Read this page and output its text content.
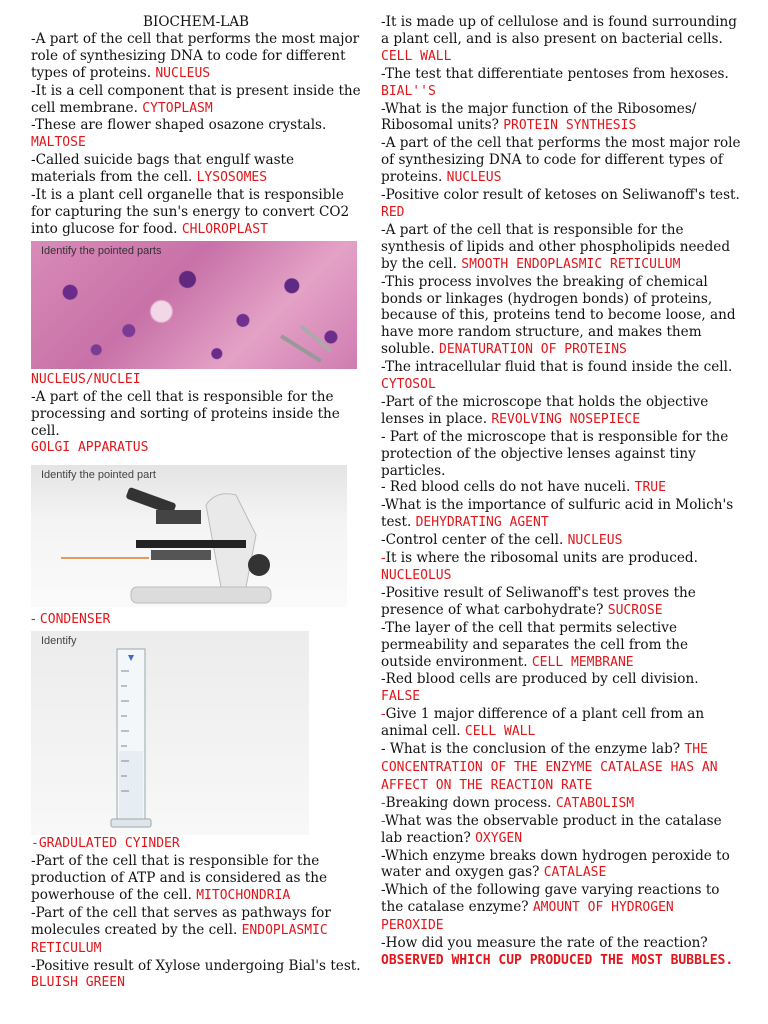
BIOCHEM-LAB

-A part of the cell that performs the most major role of synthesizing DNA to code for different types of proteins. NUCLEUS

-It is a cell component that is present inside the cell membrane. CYTOPLASM

-These are flower shaped osazone crystals.
MALTOSE

-Called suicide bags that engulf waste materials from the cell. LYSOSOMES

-It is a plant cell organelle that is responsible for capturing the sun's energy to convert CO2 into glucose for food. CHLOROPLAST

Identify the pointed parts

NUCLEUS/NUCLEI

-A part of the cell that is responsible for the processing and sorting of proteins inside the cell.
GOLGI APPARATUS

Identify the pointed part

- CONDENSER

Identify

-GRADULATED CYINDER

-Part of the cell that is responsible for the production of ATP and is considered as the powerhouse of the cell. MITOCHONDRIA

-Part of the cell that serves as pathways for molecules created by the cell. ENDOPLASMIC RETICULUM

-Positive result of Xylose undergoing Bial's test.
BLUISH GREEN

-It is made up of cellulose and is found surrounding a plant cell, and is also present on bacterial cells.
CELL WALL

-The test that differentiate pentoses from hexoses.
BIAL''S

-What is the major function of the Ribosomes/ Ribosomal units? PROTEIN SYNTHESIS

-A part of the cell that performs the most major role of synthesizing DNA to code for different types of proteins. NUCLEUS

-Positive color result of ketoses on Seliwanoff's test.
RED

-A part of the cell that is responsible for the synthesis of lipids and other phospholipids needed by the cell. SMOOTH ENDOPLASMIC RETICULUM

-This process involves the breaking of chemical bonds or linkages (hydrogen bonds) of proteins, because of this, proteins tend to become loose, and have more random structure, and makes them soluble. DENATURATION OF PROTEINS

-The intracellular fluid that is found inside the cell.
CYTOSOL

-Part of the microscope that holds the objective lenses in place. REVOLVING NOSEPIECE

- Part of the microscope that is responsible for the protection of the objective lenses against tiny particles.

- Red blood cells do not have nuceli. TRUE

-What is the importance of sulfuric acid in Molich's test. DEHYDRATING AGENT

-Control center of the cell. NUCLEUS

-It is where the ribosomal units are produced.
NUCLEOLUS

-Positive result of Seliwanoff's test proves the presence of what carbohydrate? SUCROSE

-The layer of the cell that permits selective permeability and separates the cell from the outside environment. CELL MEMBRANE

-Red blood cells are produced by cell division.
FALSE

-Give 1 major difference of a plant cell from an animal cell. CELL WALL

- What is the conclusion of the enzyme lab? THE CONCENTRATION OF THE ENZYME CATALASE HAS AN AFFECT ON THE REACTION RATE

-Breaking down process. CATABOLISM

-What was the observable product in the catalase lab reaction? OXYGEN

-Which enzyme breaks down hydrogen peroxide to water and oxygen gas? CATALASE

-Which of the following gave varying reactions to the catalase enzyme? AMOUNT OF HYDROGEN PEROXIDE

-How did you measure the rate of the reaction?
OBSERVED WHICH CUP PRODUCED THE MOST BUBBLES.
